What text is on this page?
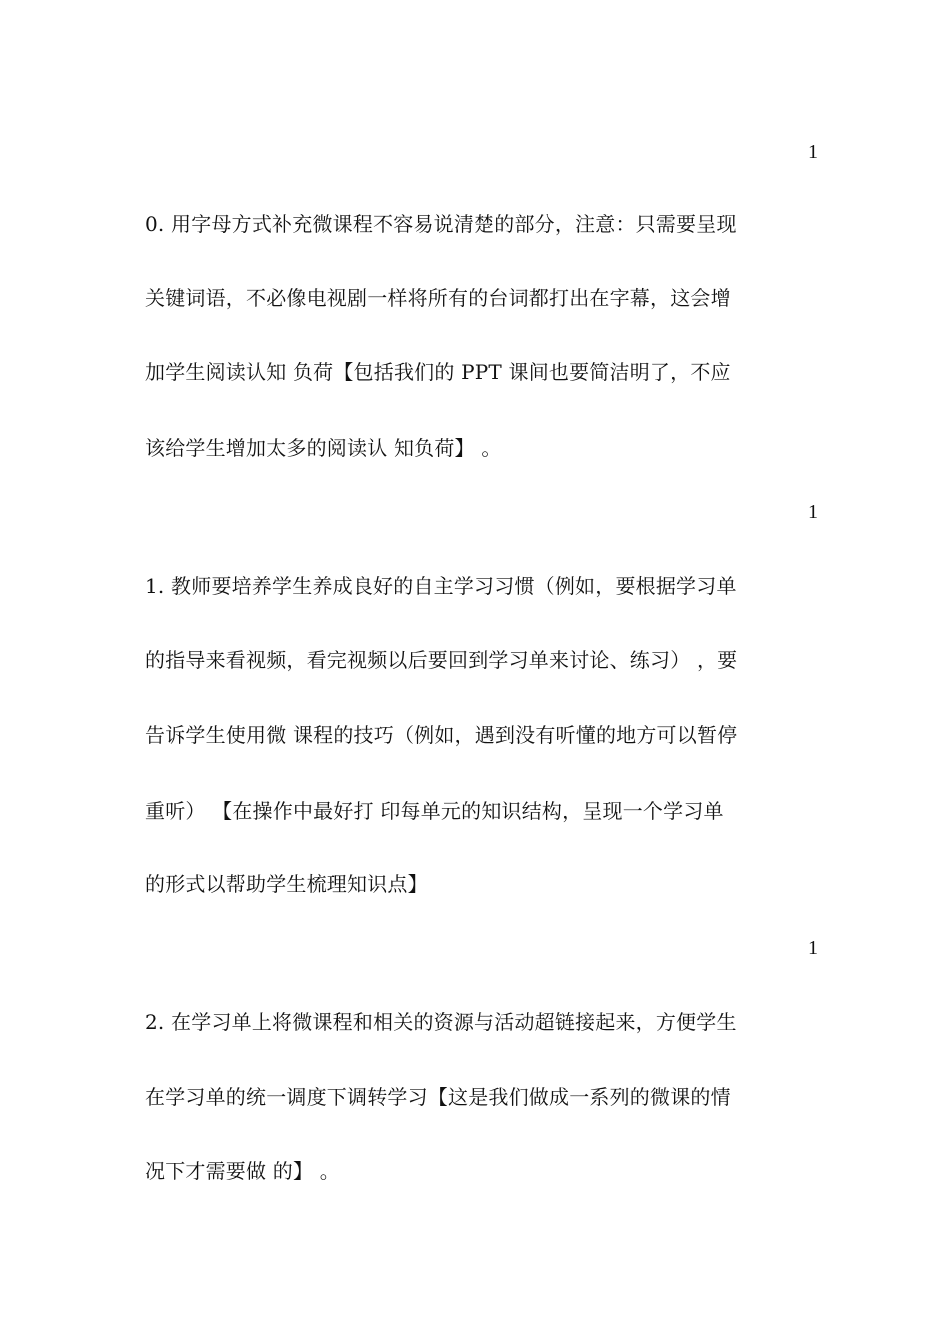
1
0. 用字母方式补充微课程不容易说清楚的部分，注意：只需要呈现
关键词语，不必像电视剧一样将所有的台词都打出在字幕，这会增
加学生阅读认知 负荷【包括我们的 PPT 课间也要简洁明了，不应
该给学生增加太多的阅读认 知负荷】 。
1
1. 教师要培养学生养成良好的自主学习习惯（例如，要根据学习单
的指导来看视频，看完视频以后要回到学习单来讨论、练习） ，要
告诉学生使用微 课程的技巧（例如，遇到没有听懂的地方可以暂停
重听） 【在操作中最好打 印每单元的知识结构，呈现一个学习单
的形式以帮助学生梳理知识点】
1
2. 在学习单上将微课程和相关的资源与活动超链接起来，方便学生
在学习单的统一调度下调转学习【这是我们做成一系列的微课的情
况下才需要做 的】 。
